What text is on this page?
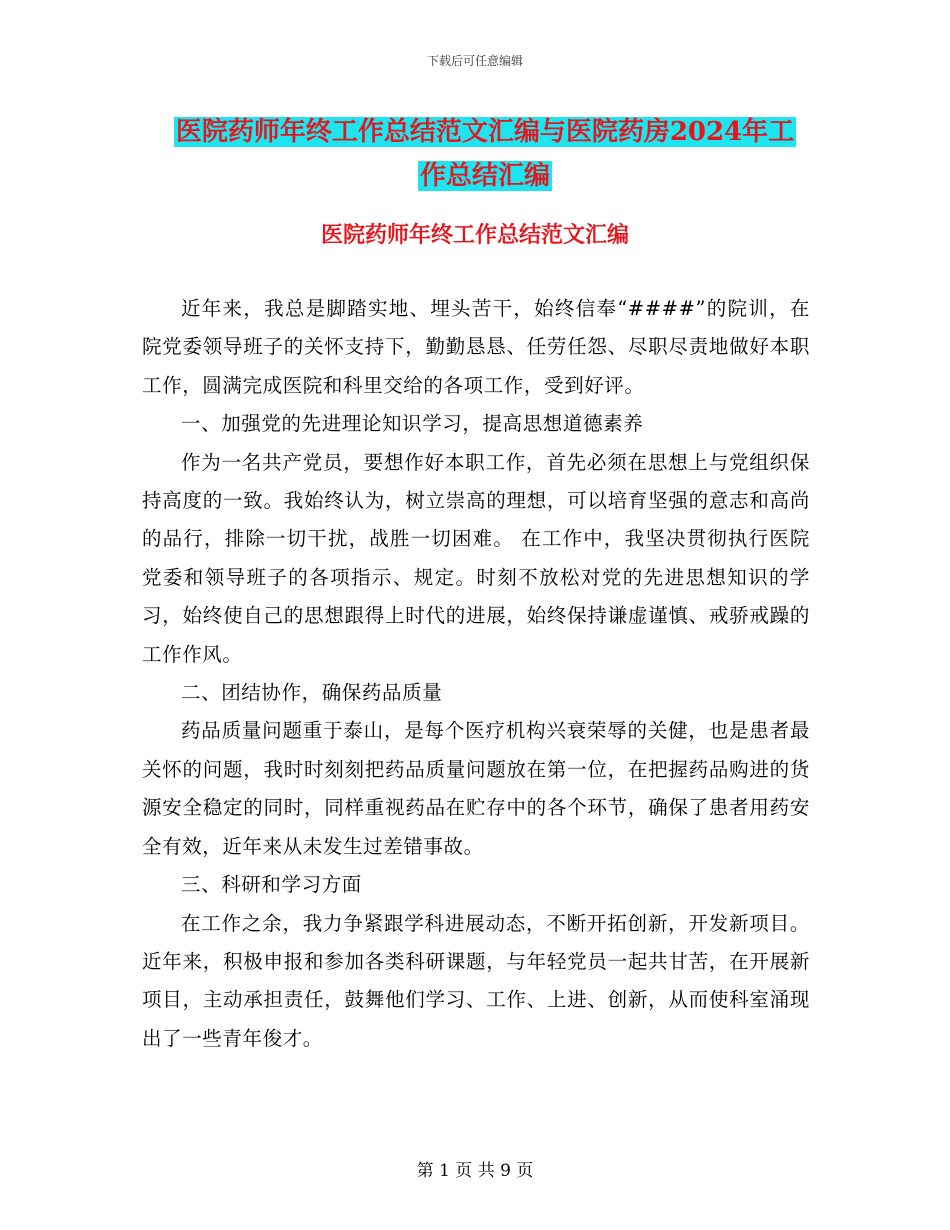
下载后可任意编辑
医院药师年终工作总结范文汇编与医院药房2024年工
作总结汇编
医院药师年终工作总结范文汇编

近年来，我总是脚踏实地、埋头苦干，始终信奉“####”的院训，在院党委领导班子的关怀支持下，勤勤恳恳、任劳任怨、尽职尽责地做好本职工作，圆满完成医院和科里交给的各项工作，受到好评。

一、加强党的先进理论知识学习，提高思想道德素养

作为一名共产党员，要想作好本职工作，首先必须在思想上与党组织保持高度的一致。我始终认为，树立崇高的理想，可以培育坚强的意志和高尚的品行，排除一切干扰，战胜一切困难。 在工作中，我坚决贯彻执行医院党委和领导班子的各项指示、规定。时刻不放松对党的先进思想知识的学习，始终使自己的思想跟得上时代的进展，始终保持谦虚谨慎、戒骄戒躁的工作作风。

二、团结协作，确保药品质量

药品质量问题重于泰山，是每个医疗机构兴衰荣辱的关健，也是患者最关怀的问题，我时时刻刻把药品质量问题放在第一位，在把握药品购进的货源安全稳定的同时，同样重视药品在贮存中的各个环节，确保了患者用药安全有效，近年来从未发生过差错事故。

三、科研和学习方面

在工作之余，我力争紧跟学科进展动态，不断开拓创新，开发新项目。近年来，积极申报和参加各类科研课题，与年轻党员一起共甘苦，在开展新项目，主动承担责任，鼓舞他们学习、工作、上进、创新，从而使科室涌现出了一些青年俊才。

第 1 页 共 9 页
